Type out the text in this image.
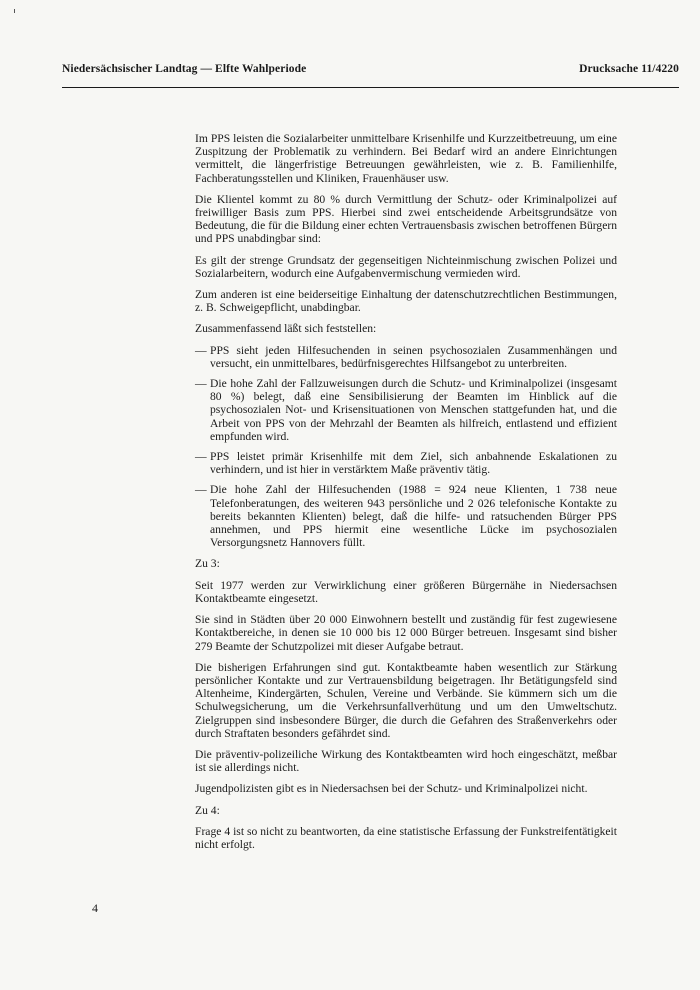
Niedersächsischer Landtag — Elfte Wahlperiode	Drucksache 11/4220

Im PPS leisten die Sozialarbeiter unmittelbare Krisenhilfe und Kurzzeitbetreuung, um eine Zuspitzung der Problematik zu verhindern. Bei Bedarf wird an andere Einrichtungen vermittelt, die längerfristige Betreuungen gewährleisten, wie z. B. Familienhilfe, Fachberatungsstellen und Kliniken, Frauenhäuser usw.

Die Klientel kommt zu 80 % durch Vermittlung der Schutz- oder Kriminalpolizei auf freiwilliger Basis zum PPS. Hierbei sind zwei entscheidende Arbeitsgrundsätze von Bedeutung, die für die Bildung einer echten Vertrauensbasis zwischen betroffenen Bürgern und PPS unabdingbar sind:

Es gilt der strenge Grundsatz der gegenseitigen Nichteinmischung zwischen Polizei und Sozialarbeitern, wodurch eine Aufgabenvermischung vermieden wird.

Zum anderen ist eine beiderseitige Einhaltung der datenschutzrechtlichen Bestimmungen, z. B. Schweigepflicht, unabdingbar.

Zusammenfassend läßt sich feststellen:

— PPS sieht jeden Hilfesuchenden in seinen psychosozialen Zusammenhängen und versucht, ein unmittelbares, bedürfnisgerechtes Hilfsangebot zu unterbreiten.
— Die hohe Zahl der Fallzuweisungen durch die Schutz- und Kriminalpolizei (insgesamt 80 %) belegt, daß eine Sensibilisierung der Beamten im Hinblick auf die psychosozialen Not- und Krisensituationen von Menschen stattgefunden hat, und die Arbeit von PPS von der Mehrzahl der Beamten als hilfreich, entlastend und effizient empfunden wird.
— PPS leistet primär Krisenhilfe mit dem Ziel, sich anbahnende Eskalationen zu verhindern, und ist hier in verstärktem Maße präventiv tätig.
— Die hohe Zahl der Hilfesuchenden (1988 = 924 neue Klienten, 1 738 neue Telefonberatungen, des weiteren 943 persönliche und 2 026 telefonische Kontakte zu bereits bekannten Klienten) belegt, daß die hilfe- und ratsuchenden Bürger PPS annehmen, und PPS hiermit eine wesentliche Lücke im psychosozialen Versorgungsnetz Hannovers füllt.

Zu 3:

Seit 1977 werden zur Verwirklichung einer größeren Bürgernähe in Niedersachsen Kontaktbeamte eingesetzt.

Sie sind in Städten über 20 000 Einwohnern bestellt und zuständig für fest zugewiesene Kontaktbereiche, in denen sie 10 000 bis 12 000 Bürger betreuen. Insgesamt sind bisher 279 Beamte der Schutzpolizei mit dieser Aufgabe betraut.

Die bisherigen Erfahrungen sind gut. Kontaktbeamte haben wesentlich zur Stärkung persönlicher Kontakte und zur Vertrauensbildung beigetragen. Ihr Betätigungsfeld sind Altenheime, Kindergärten, Schulen, Vereine und Verbände. Sie kümmern sich um die Schulwegsicherung, um die Verkehrsunfallverhütung und um den Umweltschutz. Zielgruppen sind insbesondere Bürger, die durch die Gefahren des Straßenverkehrs oder durch Straftaten besonders gefährdet sind.

Die präventiv-polizeiliche Wirkung des Kontaktbeamten wird hoch eingeschätzt, meßbar ist sie allerdings nicht.

Jugendpolizisten gibt es in Niedersachsen bei der Schutz- und Kriminalpolizei nicht.

Zu 4:

Frage 4 ist so nicht zu beantworten, da eine statistische Erfassung der Funkstreifentätigkeit nicht erfolgt.

4
